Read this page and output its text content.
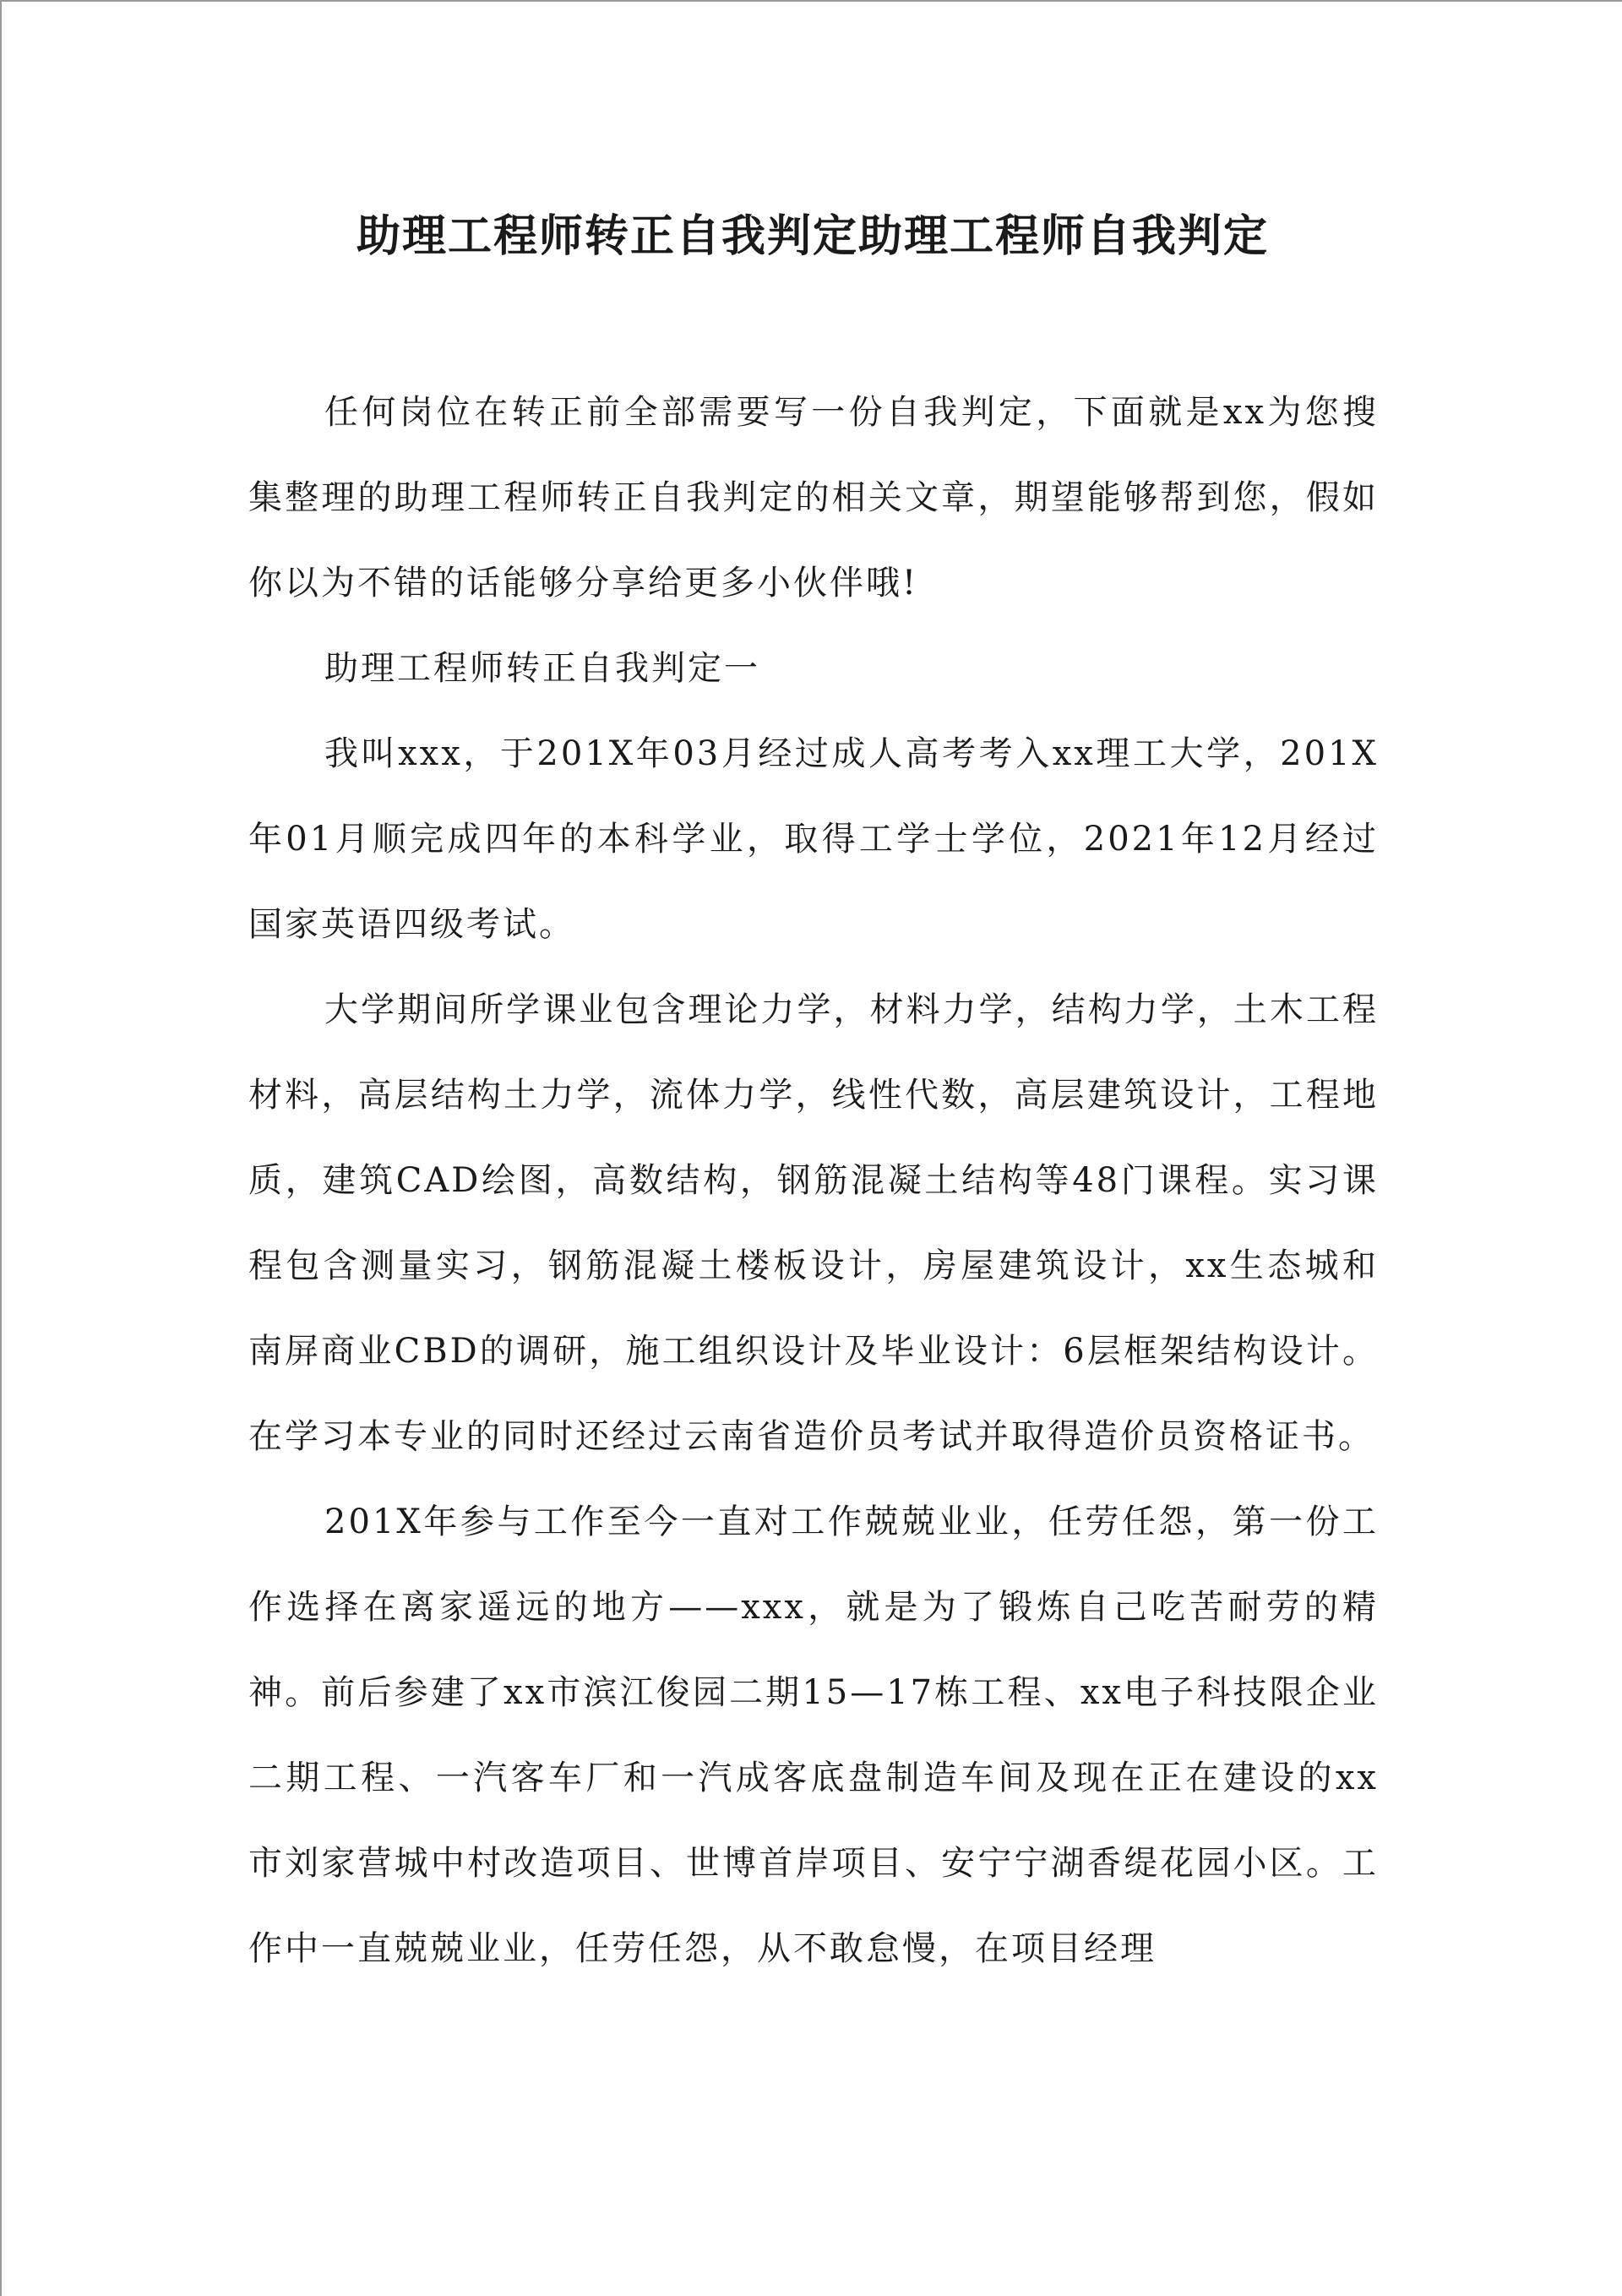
助理工程师转正自我判定助理工程师自我判定

任何岗位在转正前全部需要写一份自我判定，下面就是xx为您搜集整理的助理工程师转正自我判定的相关文章，期望能够帮到您，假如你以为不错的话能够分享给更多小伙伴哦!

助理工程师转正自我判定一

我叫xxx，于201X年03月经过成人高考考入xx理工大学，201X年01月顺完成四年的本科学业，取得工学士学位，2021年12月经过国家英语四级考试。

大学期间所学课业包含理论力学，材料力学，结构力学，土木工程材料，高层结构土力学，流体力学，线性代数，高层建筑设计，工程地质，建筑CAD绘图，高数结构，钢筋混凝土结构等48门课程。实习课程包含测量实习，钢筋混凝土楼板设计，房屋建筑设计，xx生态城和南屏商业CBD的调研，施工组织设计及毕业设计：6层框架结构设计。在学习本专业的同时还经过云南省造价员考试并取得造价员资格证书。

201X年参与工作至今一直对工作兢兢业业，任劳任怨，第一份工作选择在离家遥远的地方——xxx，就是为了锻炼自己吃苦耐劳的精神。前后参建了xx市滨江俊园二期15—17栋工程、xx电子科技限企业二期工程、一汽客车厂和一汽成客底盘制造车间及现在正在建设的xx市刘家营城中村改造项目、世博首岸项目、安宁宁湖香缇花园小区。工作中一直兢兢业业，任劳任怨，从不敢怠慢，在项目经理
